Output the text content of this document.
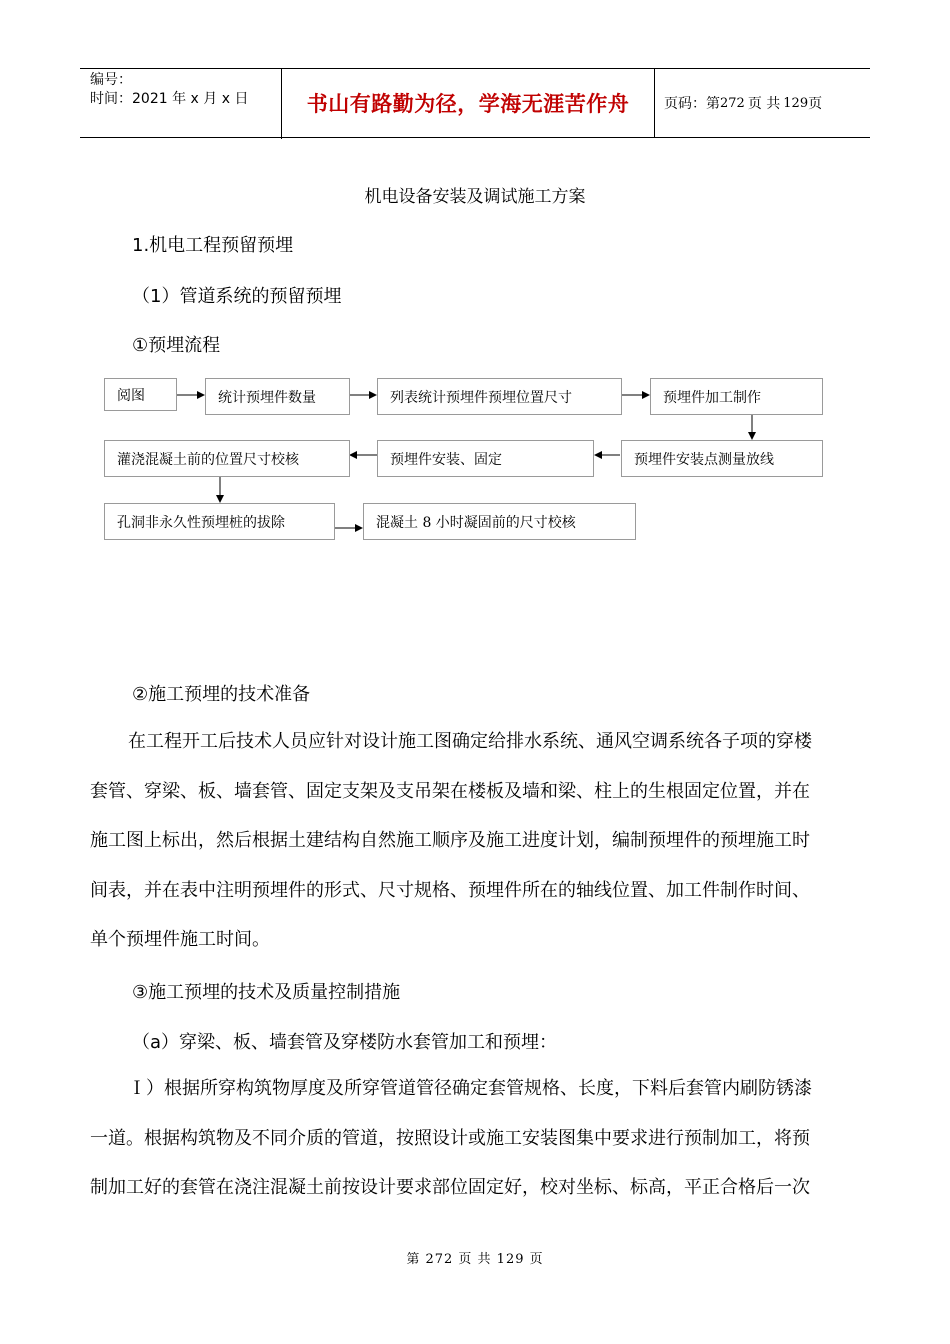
编号：
时间：2021 年 x 月 x 日	书山有路勤为径，学海无涯苦作舟	页码：第 272 页 共 129 页
机电设备安装及调试施工方案
1.机电工程预留预埋
（1）管道系统的预留预埋
①预埋流程
阅图	统计预埋件数量	列表统计预埋件预埋位置尺寸	预埋件加工制作
预埋件安装点测量放线
预埋件安装、固定
灌浇混凝土前的位置尺寸校核
孔洞非永久性预埋桩的拔除	混凝土 8 小时凝固前的尺寸校核
②施工预埋的技术准备
在工程开工后技术人员应针对设计施工图确定给排水系统、通风空调系统各子项的穿楼
套管、穿梁、板、墙套管、固定支架及支吊架在楼板及墙和梁、柱上的生根固定位置，并在
施工图上标出，然后根据土建结构自然施工顺序及施工进度计划，编制预埋件的预埋施工时
间表，并在表中注明预埋件的形式、尺寸规格、预埋件所在的轴线位置、加工件制作时间、
单个预埋件施工时间。
③施工预埋的技术及质量控制措施
（a）穿梁、板、墙套管及穿楼防水套管加工和预埋：
Ｉ）根据所穿构筑物厚度及所穿管道管径确定套管规格、长度，下料后套管内刷防锈漆
一道。根据构筑物及不同介质的管道，按照设计或施工安装图集中要求进行预制加工，将预
制加工好的套管在浇注混凝土前按设计要求部位固定好，校对坐标、标高，平正合格后一次
第 272 页 共 129 页
